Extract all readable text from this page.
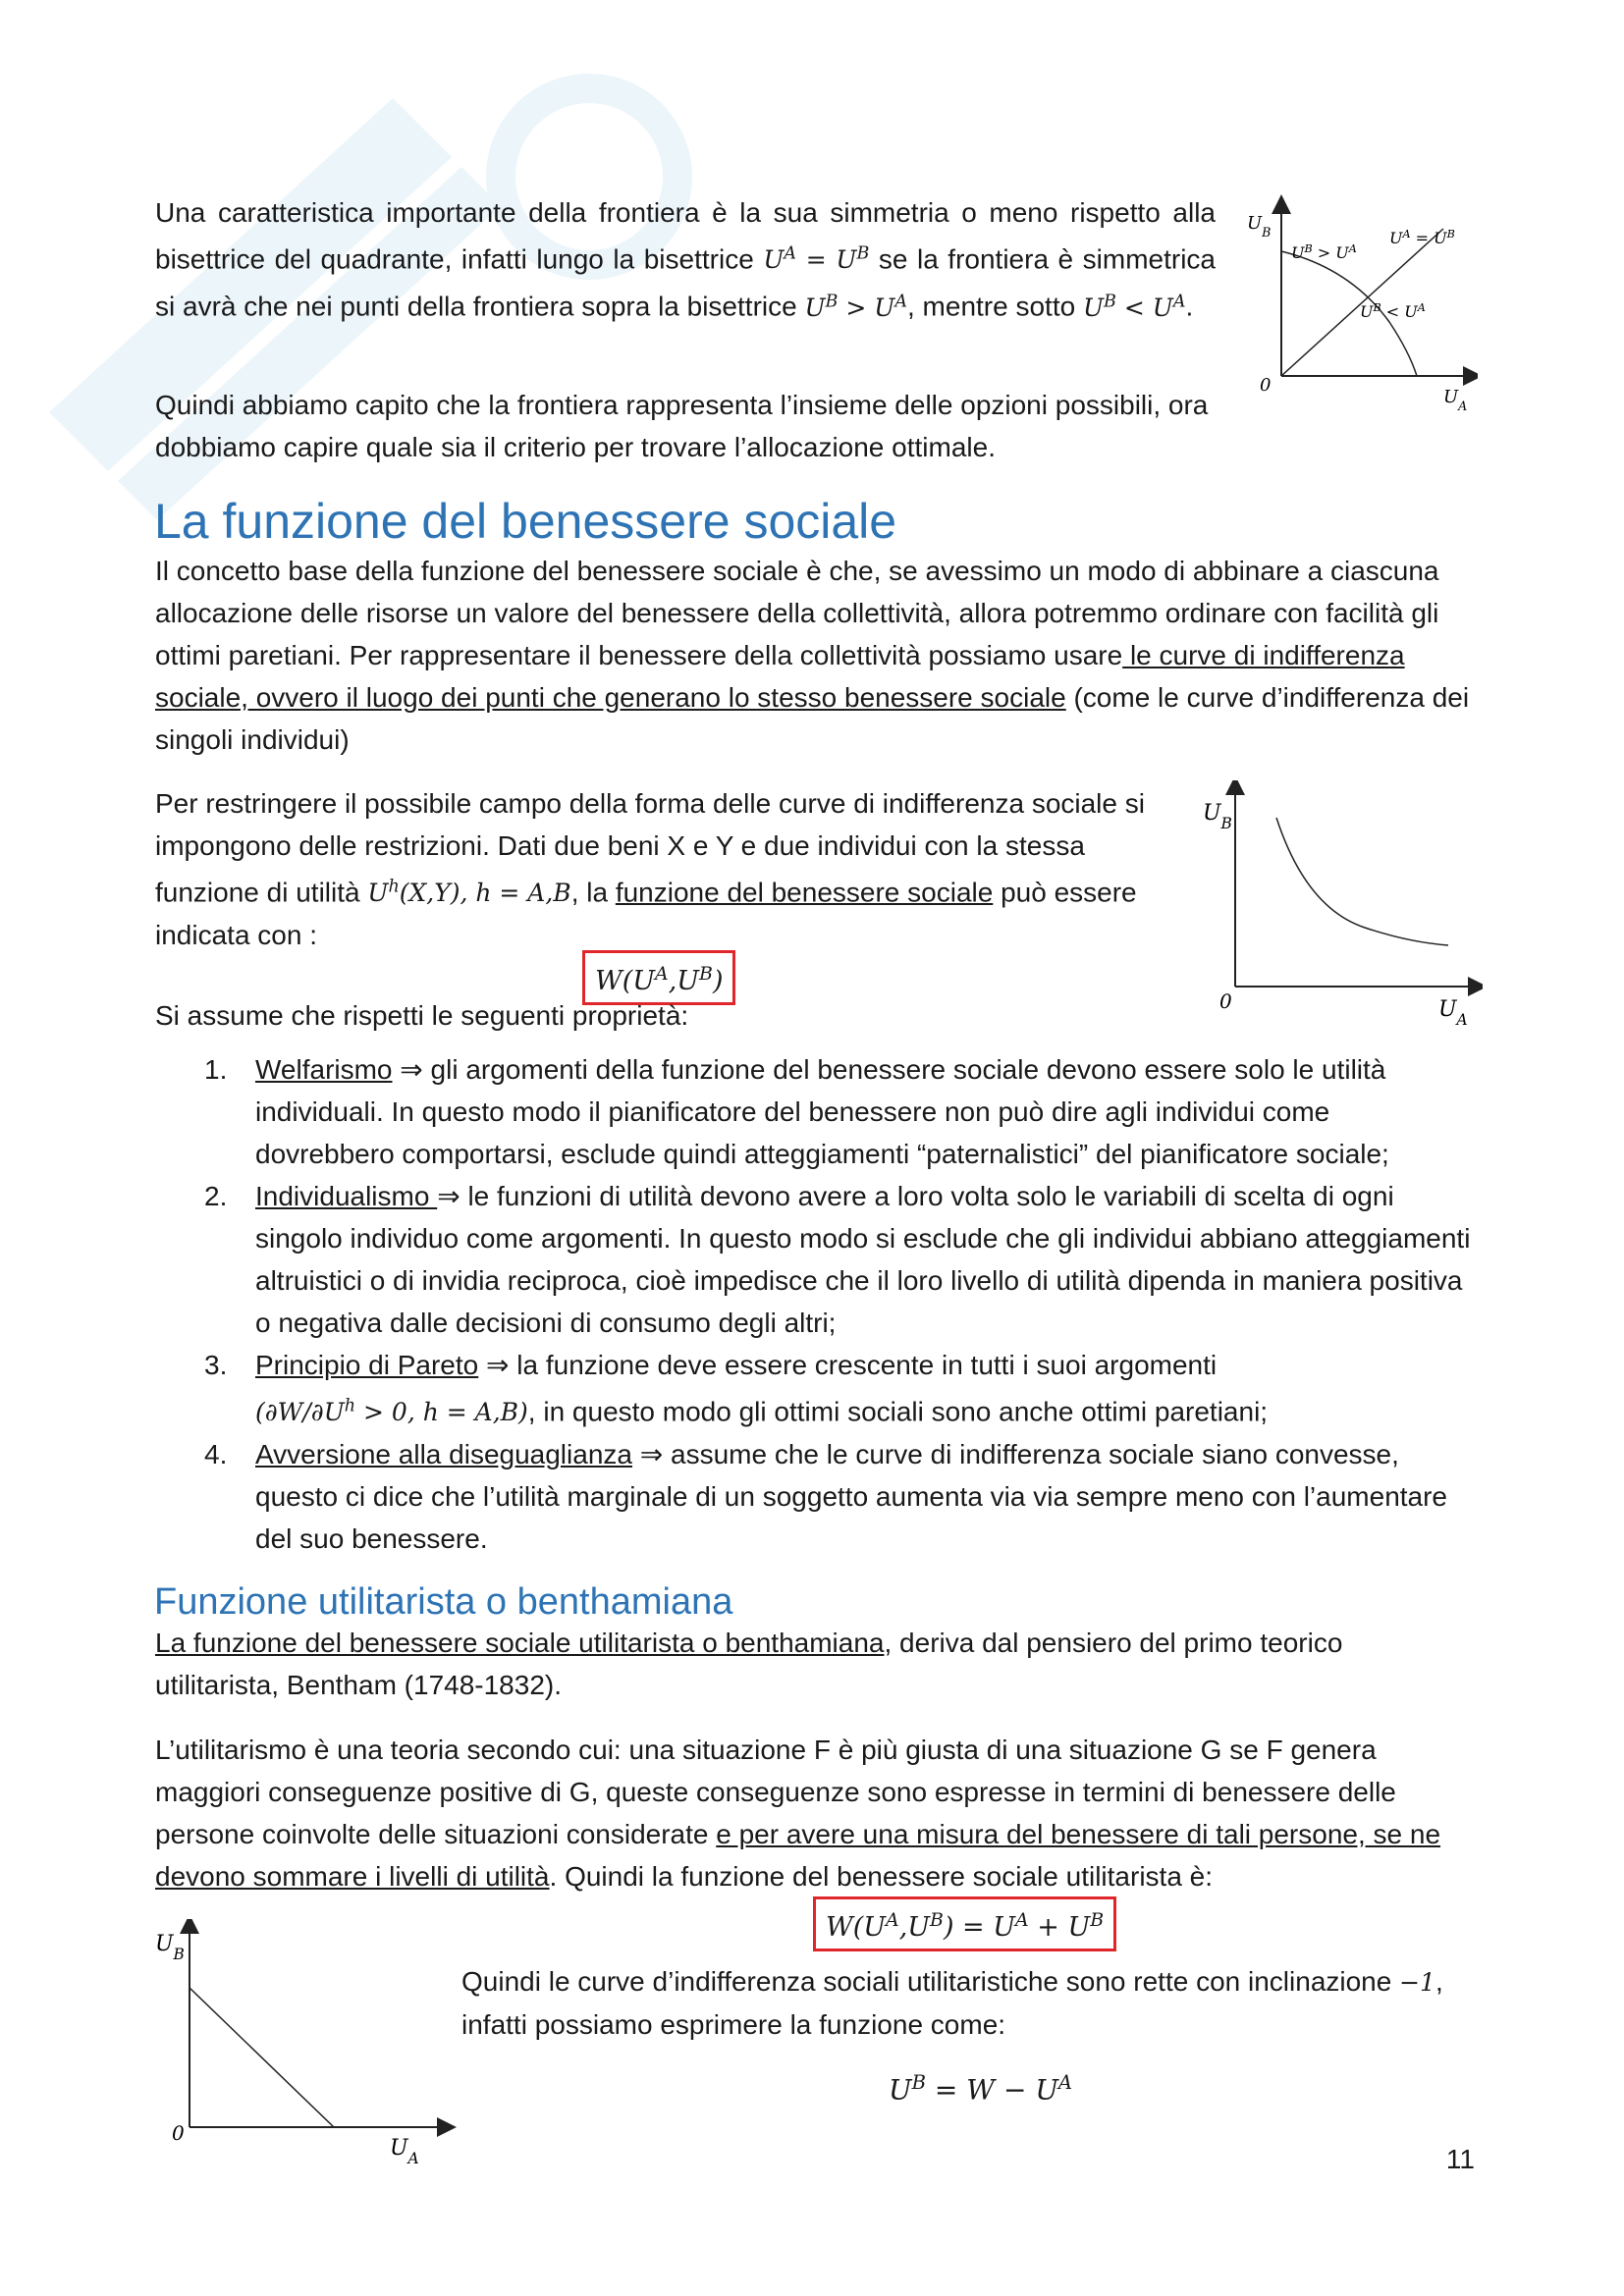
Una caratteristica importante della frontiera è la sua simmetria o meno rispetto alla bisettrice del quadrante, infatti lungo la bisettrice $U^A = U^B$ se la frontiera è simmetrica si avrà che nei punti della frontiera sopra la bisettrice $U^B > U^A$, mentre sotto $U^B < U^A$.

Quindi abbiamo capito che la frontiera rappresenta l’insieme delle opzioni possibili, ora dobbiamo capire quale sia il criterio per trovare l’allocazione ottimale.

$U_B$
0
$U_A$
$U^B > U^A$
$U^A = U^B$
$U^B < U^A$
La funzione del benessere sociale

Il concetto base della funzione del benessere sociale è che, se avessimo un modo di abbinare a ciascuna allocazione delle risorse un valore del benessere della collettività, allora potremmo ordinare con facilità gli ottimi paretiani. Per rappresentare il benessere della collettività possiamo usare le curve di indifferenza sociale, ovvero il luogo dei punti che generano lo stesso benessere sociale (come le curve d’indifferenza dei singoli individui)

Per restringere il possibile campo della forma delle curve di indifferenza sociale si impongono delle restrizioni. Dati due beni X e Y e due individui con la stessa funzione di utilità $U^h(X,Y)$, h = A,B, la funzione del benessere sociale può essere indicata con :

$W(U^A,U^B)$

Si assume che rispetti le seguenti proprietà:

$U_B$
0	$U_A$
1. Welfarismo ⇒ gli argomenti della funzione del benessere sociale devono essere solo le utilità individuali. In questo modo il pianificatore del benessere non può dire agli individui come dovrebbero comportarsi, esclude quindi atteggiamenti “paternalistici” del pianificatore sociale;
2. Individualismo ⇒ le funzioni di utilità devono avere a loro volta solo le variabili di scelta di ogni singolo individuo come argomenti. In questo modo si esclude che gli individui abbiano atteggiamenti altruistici o di invidia reciproca, cioè impedisce che il loro livello di utilità dipenda in maniera positiva o negativa dalle decisioni di consumo degli altri;
3. Principio di Pareto ⇒ la funzione deve essere crescente in tutti i suoi argomenti
($\partial W/\partial U^h > 0$, h = A,B), in questo modo gli ottimi sociali sono anche ottimi paretiani;
4. Avversione alla diseguaglianza ⇒ assume che le curve di indifferenza sociale siano convesse, questo ci dice che l’utilità marginale di un soggetto aumenta via via sempre meno con l’aumentare del suo benessere.
Funzione utilitarista o benthamiana

La funzione del benessere sociale utilitarista o benthamiana, deriva dal pensiero del primo teorico utilitarista, Bentham (1748-1832).

L’utilitarismo è una teoria secondo cui: una situazione F è più giusta di una situazione G se F genera maggiori conseguenze positive di G, queste conseguenze sono espresse in termini di benessere delle persone coinvolte delle situazioni considerate e per avere una misura del benessere di tali persone, se ne devono sommare i livelli di utilità. Quindi la funzione del benessere sociale utilitarista è:

$W(U^A,U^B) = U^A + U^B$
$U_B$
0
$U_A$

Quindi le curve d’indifferenza sociali utilitaristiche sono rette con inclinazione −1, infatti possiamo esprimere la funzione come:

$U^B = W - U^A$
11
